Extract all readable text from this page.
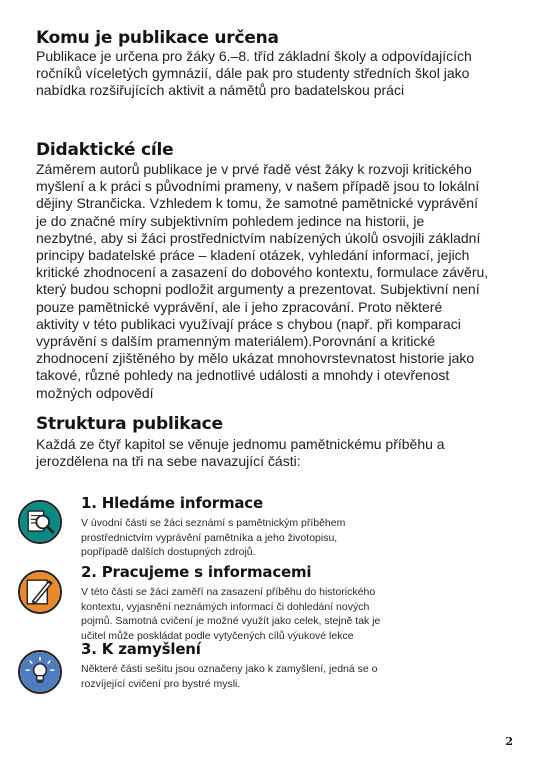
Komu je publikace určena
Publikace je určena pro žáky 6.–8. tříd základní školy a odpovídajících
ročníků víceletých gymnázií, dále pak pro studenty středních škol jako
nabídka rozšiřujících aktivit a námětů pro badatelskou práci
Didaktické cíle
Záměrem autorů publikace je v prvé řadě vést žáky k rozvoji kritického
myšlení a k práci s původními prameny, v našem případě jsou to lokální
dějiny Strančicka. Vzhledem k tomu, že samotné pamětnické vyprávění
je do značné míry subjektivním pohledem jedince na historii, je
nezbytné, aby si žáci prostřednictvím nabízených úkolů osvojili základní
principy badatelské práce – kladení otázek, vyhledání informací, jejich
kritické zhodnocení a zasazení do dobového kontextu, formulace závěru,
který budou schopni podložit argumenty a prezentovat. Subjektivní není
pouze pamětnické vyprávění, ale i jeho zpracování. Proto některé
aktivity v této publikaci využívají práce s chybou (např. při komparaci
vyprávění s dalším pramenným materiálem).Porovnání a kritické
zhodnocení zjištěného by mělo ukázat mnohovrstevnatost historie jako
takové, různé pohledy na jednotlivé události a mnohdy i otevřenost
možných odpovědí
Struktura publikace
Každá ze čtyř kapitol se věnuje jednomu pamětnickému příběhu a
jerozdělena na tři na sebe navazující části:
1. Hledáme informace
V úvodní části se žáci seznámí s pamětnickým příběhem
prostřednictvím vyprávění pamětníka a jeho životopisu,
popřípadě dalších dostupných zdrojů.
2. Pracujeme s informacemi
V této části se žáci zaměří na zasazení příběhu do historického
kontextu, vyjasnění neznámých informací či dohledání nových
pojmů. Samotná cvičení je možné využít jako celek, stejně tak je
učitel může poskládat podle vytyčených cílů výukové lekce
3. K zamyšlení
Některé části sešitu jsou označeny jako k zamyšlení, jedná se o
rozvíjející cvičení pro bystré mysli.
2
